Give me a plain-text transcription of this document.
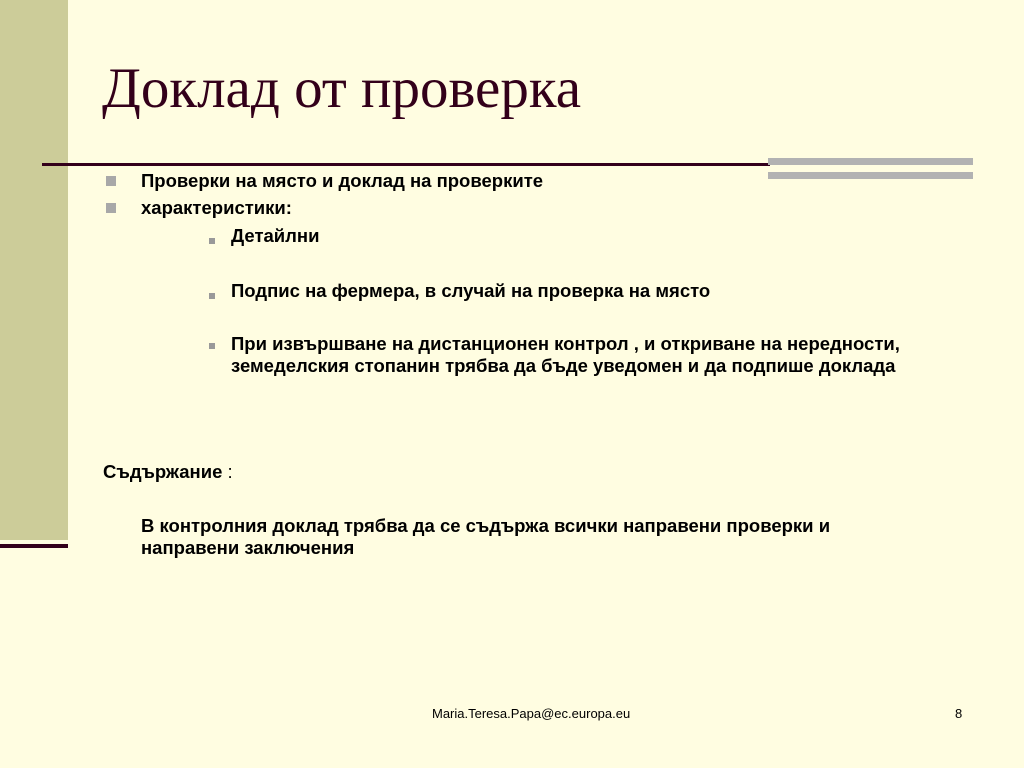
Доклад от проверка
Проверки на място и доклад на проверките
характеристики:
Детайлни
Подпис на фермера, в случай на проверка на място
При извършване на дистанционен контрол , и откриване на нередности, земеделския стопанин трябва да бъде уведомен и да подпише доклада
Съдържание :
В контролния доклад трябва да се съдържа всички направени проверки и направени заключения
Maria.Teresa.Papa@ec.europa.eu	8
